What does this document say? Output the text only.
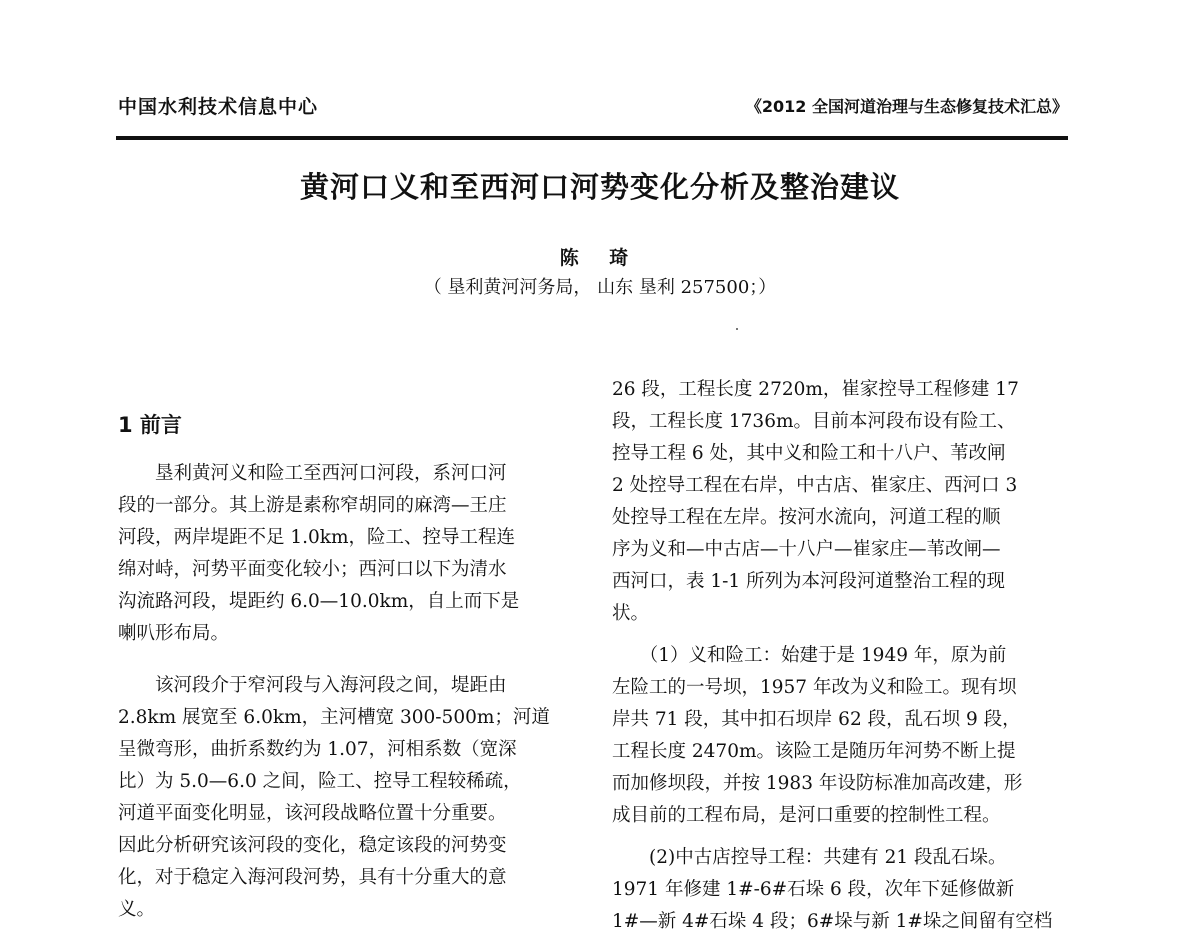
中国水利技术信息中心	《2012 全国河道治理与生态修复技术汇总》
黄河口义和至西河口河势变化分析及整治建议
陈 琦
（ 垦利黄河河务局， 山东 垦利 257500；）
1 前言
　　垦利黄河义和险工至西河口河段，系河口河
段的一部分。其上游是素称窄胡同的麻湾—王庄
河段，两岸堤距不足 1.0km，险工、控导工程连
绵对峙，河势平面变化较小；西河口以下为清水
沟流路河段，堤距约 6.0—10.0km，自上而下是
喇叭形布局。
　　该河段介于窄河段与入海河段之间，堤距由
2.8km 展宽至 6.0km，主河槽宽 300-500m；河道
呈微弯形，曲折系数约为 1.07，河相系数（宽深
比）为 5.0—6.0 之间，险工、控导工程较稀疏，
河道平面变化明显，该河段战略位置十分重要。
因此分析研究该河段的变化，稳定该段的河势变
化，对于稳定入海河段河势，具有十分重大的意
义。
26 段，工程长度 2720m，崔家控导工程修建 17
段，工程长度 1736m。目前本河段布设有险工、
控导工程 6 处，其中义和险工和十八户、苇改闸
2 处控导工程在右岸，中古店、崔家庄、西河口 3
处控导工程在左岸。按河水流向，河道工程的顺
序为义和—中古店—十八户—崔家庄—苇改闸—
西河口，表 1-1 所列为本河段河道整治工程的现
状。
　　（1）义和险工：始建于是 1949 年，原为前
左险工的一号坝，1957 年改为义和险工。现有坝
岸共 71 段，其中扣石坝岸 62 段，乱石坝 9 段，
工程长度 2470m。该险工是随历年河势不断上提
而加修坝段，并按 1983 年设防标准加高改建，形
成目前的工程布局，是河口重要的控制性工程。
　　(2)中古店控导工程：共建有 21 段乱石垛。
1971 年修建 1#-6#石垛 6 段，次年下延修做新
1#—新 4#石垛 4 段；6#垛与新 1#垛之间留有空档
